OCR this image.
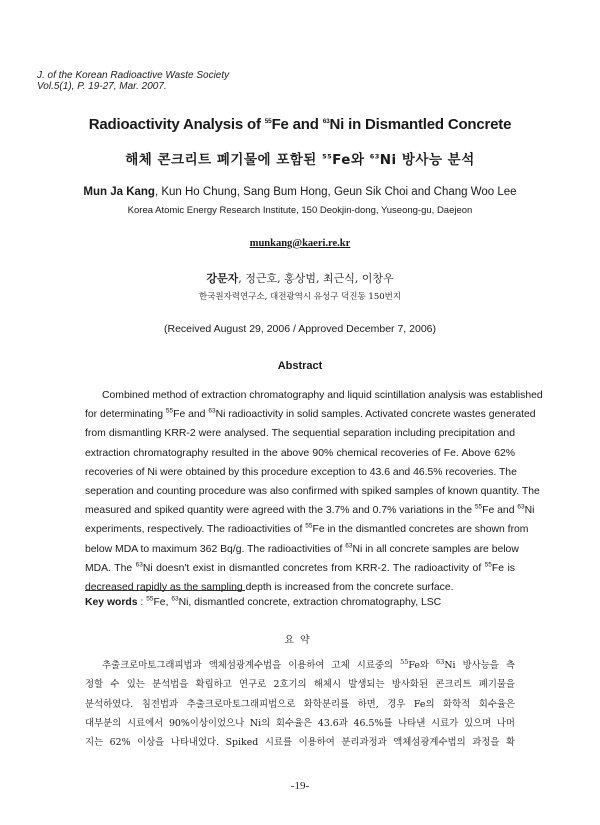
J. of the Korean Radioactive Waste Society
Vol.5(1), P. 19-27, Mar. 2007.
Radioactivity Analysis of $^{55}$Fe and $^{63}$Ni in Dismantled Concrete
해체 콘크리트 폐기물에 포함된 $^{55}$Fe와 $^{63}$Ni 방사능 분석
Mun Ja Kang, Kun Ho Chung, Sang Bum Hong, Geun Sik Choi and Chang Woo Lee
Korea Atomic Energy Research Institute, 150 Deokjin-dong, Yuseong-gu, Daejeon
munkang@kaeri.re.kr
강문자, 정근호, 홍상범, 최근식, 이창우
한국원자력연구소, 대전광역시 유성구 덕진동 150번지
(Received August 29, 2006 / Approved December 7, 2006)
Abstract
Combined method of extraction chromatography and liquid scintillation analysis was established
for determinating $^{55}$Fe and $^{63}$Ni radioactivity in solid samples. Activated concrete wastes generated
from dismantling KRR-2 were analysed. The sequential separation including precipitation and
extraction chromatography resulted in the above 90% chemical recoveries of Fe. Above 62%
recoveries of Ni were obtained by this procedure exception to 43.6 and 46.5% recoveries. The
seperation and counting procedure was also confirmed with spiked samples of known quantity. The
measured and spiked quantity were agreed with the 3.7% and 0.7% variations in the $^{55}$Fe and $^{63}$Ni
experiments, respectively. The radioactivities of $^{55}$Fe in the dismantled concretes are shown from
below MDA to maximum 362 Bq/g. The radioactivities of $^{63}$Ni in all concrete samples are below
MDA. The $^{63}$Ni doesn't exist in dismantled concretes from KRR-2. The radioactivity of $^{55}$Fe is
decreased rapidly as the sampling depth is increased from the concrete surface.
Key words : $^{55}$Fe, $^{63}$Ni, dismantled concrete, extraction chromatography, LSC
요약
추출크로마토그래피법과 액체섬광계수법을 이용하여 고체 시료중의 $^{55}$Fe와 $^{63}$Ni 방사능을 측
정할 수 있는 분석법을 확립하고 연구로 2호기의 해체시 발생되는 방사화된 콘크리트 폐기물을
분석하였다. 침전법과 추출크로마토그래피법으로 화학분리를 하면, 경우 Fe의 화학적 회수율은
대부분의 시료에서 90%이상이었으나 Ni의 회수율은 43.6과 46.5%를 나타낸 시료가 있으며 나머
지는 62% 이상을 나타내었다. Spiked 시료를 이용하여 분리과정과 액체섬광계수법의 과정을 확
-19-
